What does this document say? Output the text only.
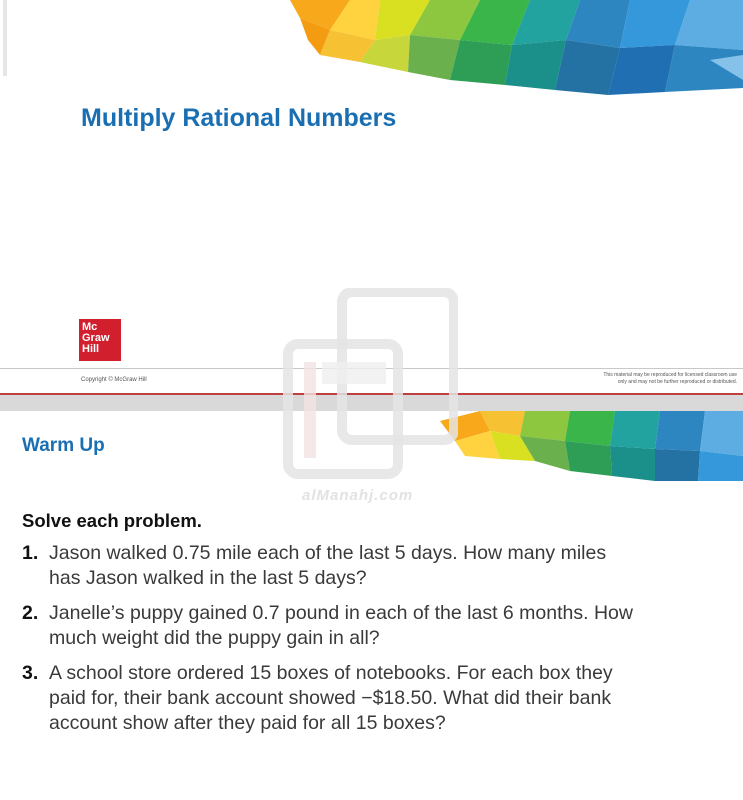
Multiply Rational Numbers
Mc
Graw
Hill
Copyright © McGraw Hill
This material may be reproduced for licensed classroom use
only and may not be further reproduced or distributed.
Warm Up

Solve each problem.

1. Jason walked 0.75 mile each of the last 5 days. How many miles
has Jason walked in the last 5 days?
2. Janelle’s puppy gained 0.7 pound in each of the last 6 months. How
much weight did the puppy gain in all?
3. A school store ordered 15 boxes of notebooks. For each box they
paid for, their bank account showed −$18.50. What did their bank
account show after they paid for all 15 boxes?
alManahj.com
